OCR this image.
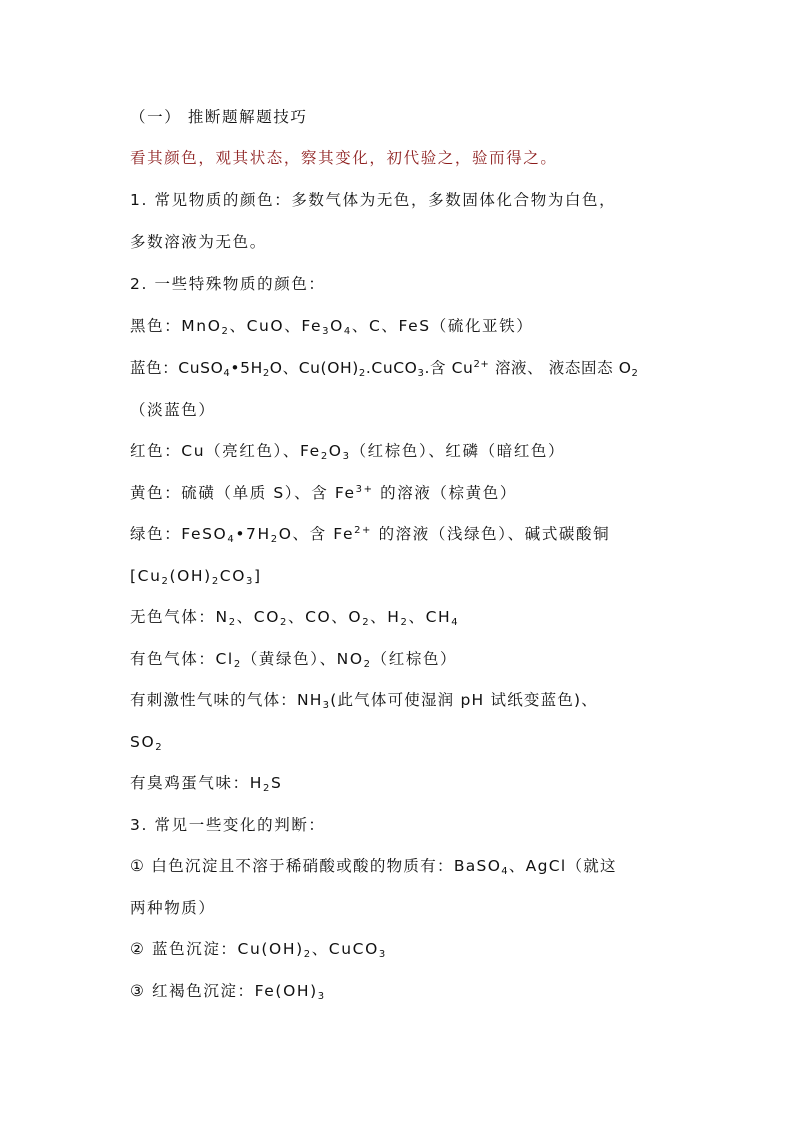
（一） 推断题解题技巧
看其颜色，观其状态，察其变化，初代验之，验而得之。
1. 常见物质的颜色：多数气体为无色，多数固体化合物为白色，
多数溶液为无色。
2. 一些特殊物质的颜色：
黑色：MnO$_2$、CuO、$Fe_3O_4$、C、FeS（硫化亚铁）
蓝色：$CuSO_4•5H_2O$、$Cu(OH)_2.CuCO_3$.含 $Cu^{2+}$ 溶液、 液态固态 $O_2$
（淡蓝色）
红色：Cu（亮红色）、$Fe_2O_3$（红棕色）、红磷（暗红色）
黄色：硫磺（单质 S）、含 $Fe^{3+}$ 的溶液（棕黄色）
绿色：$FeSO_4•7H_2O$、含 $Fe^{2+}$ 的溶液（浅绿色）、碱式碳酸铜
$[Cu_2(OH)_2CO_3]$
无色气体：$N_2$、$CO_2$、CO、$O_2$、$H_2$、$CH_4$
有色气体：$Cl_2$（黄绿色）、$NO_2$（红棕色）
有刺激性气味的气体：$NH_3$(此气体可使湿润 pH 试纸变蓝色)、
$SO_2$
有臭鸡蛋气味：$H_2S$
3. 常见一些变化的判断：
① 白色沉淀且不溶于稀硝酸或酸的物质有：BaSO$_4$、AgCl（就这
两种物质）
② 蓝色沉淀：$Cu(OH)_2$、CuCO$_3$
③ 红褐色沉淀：$Fe(OH)_3$
